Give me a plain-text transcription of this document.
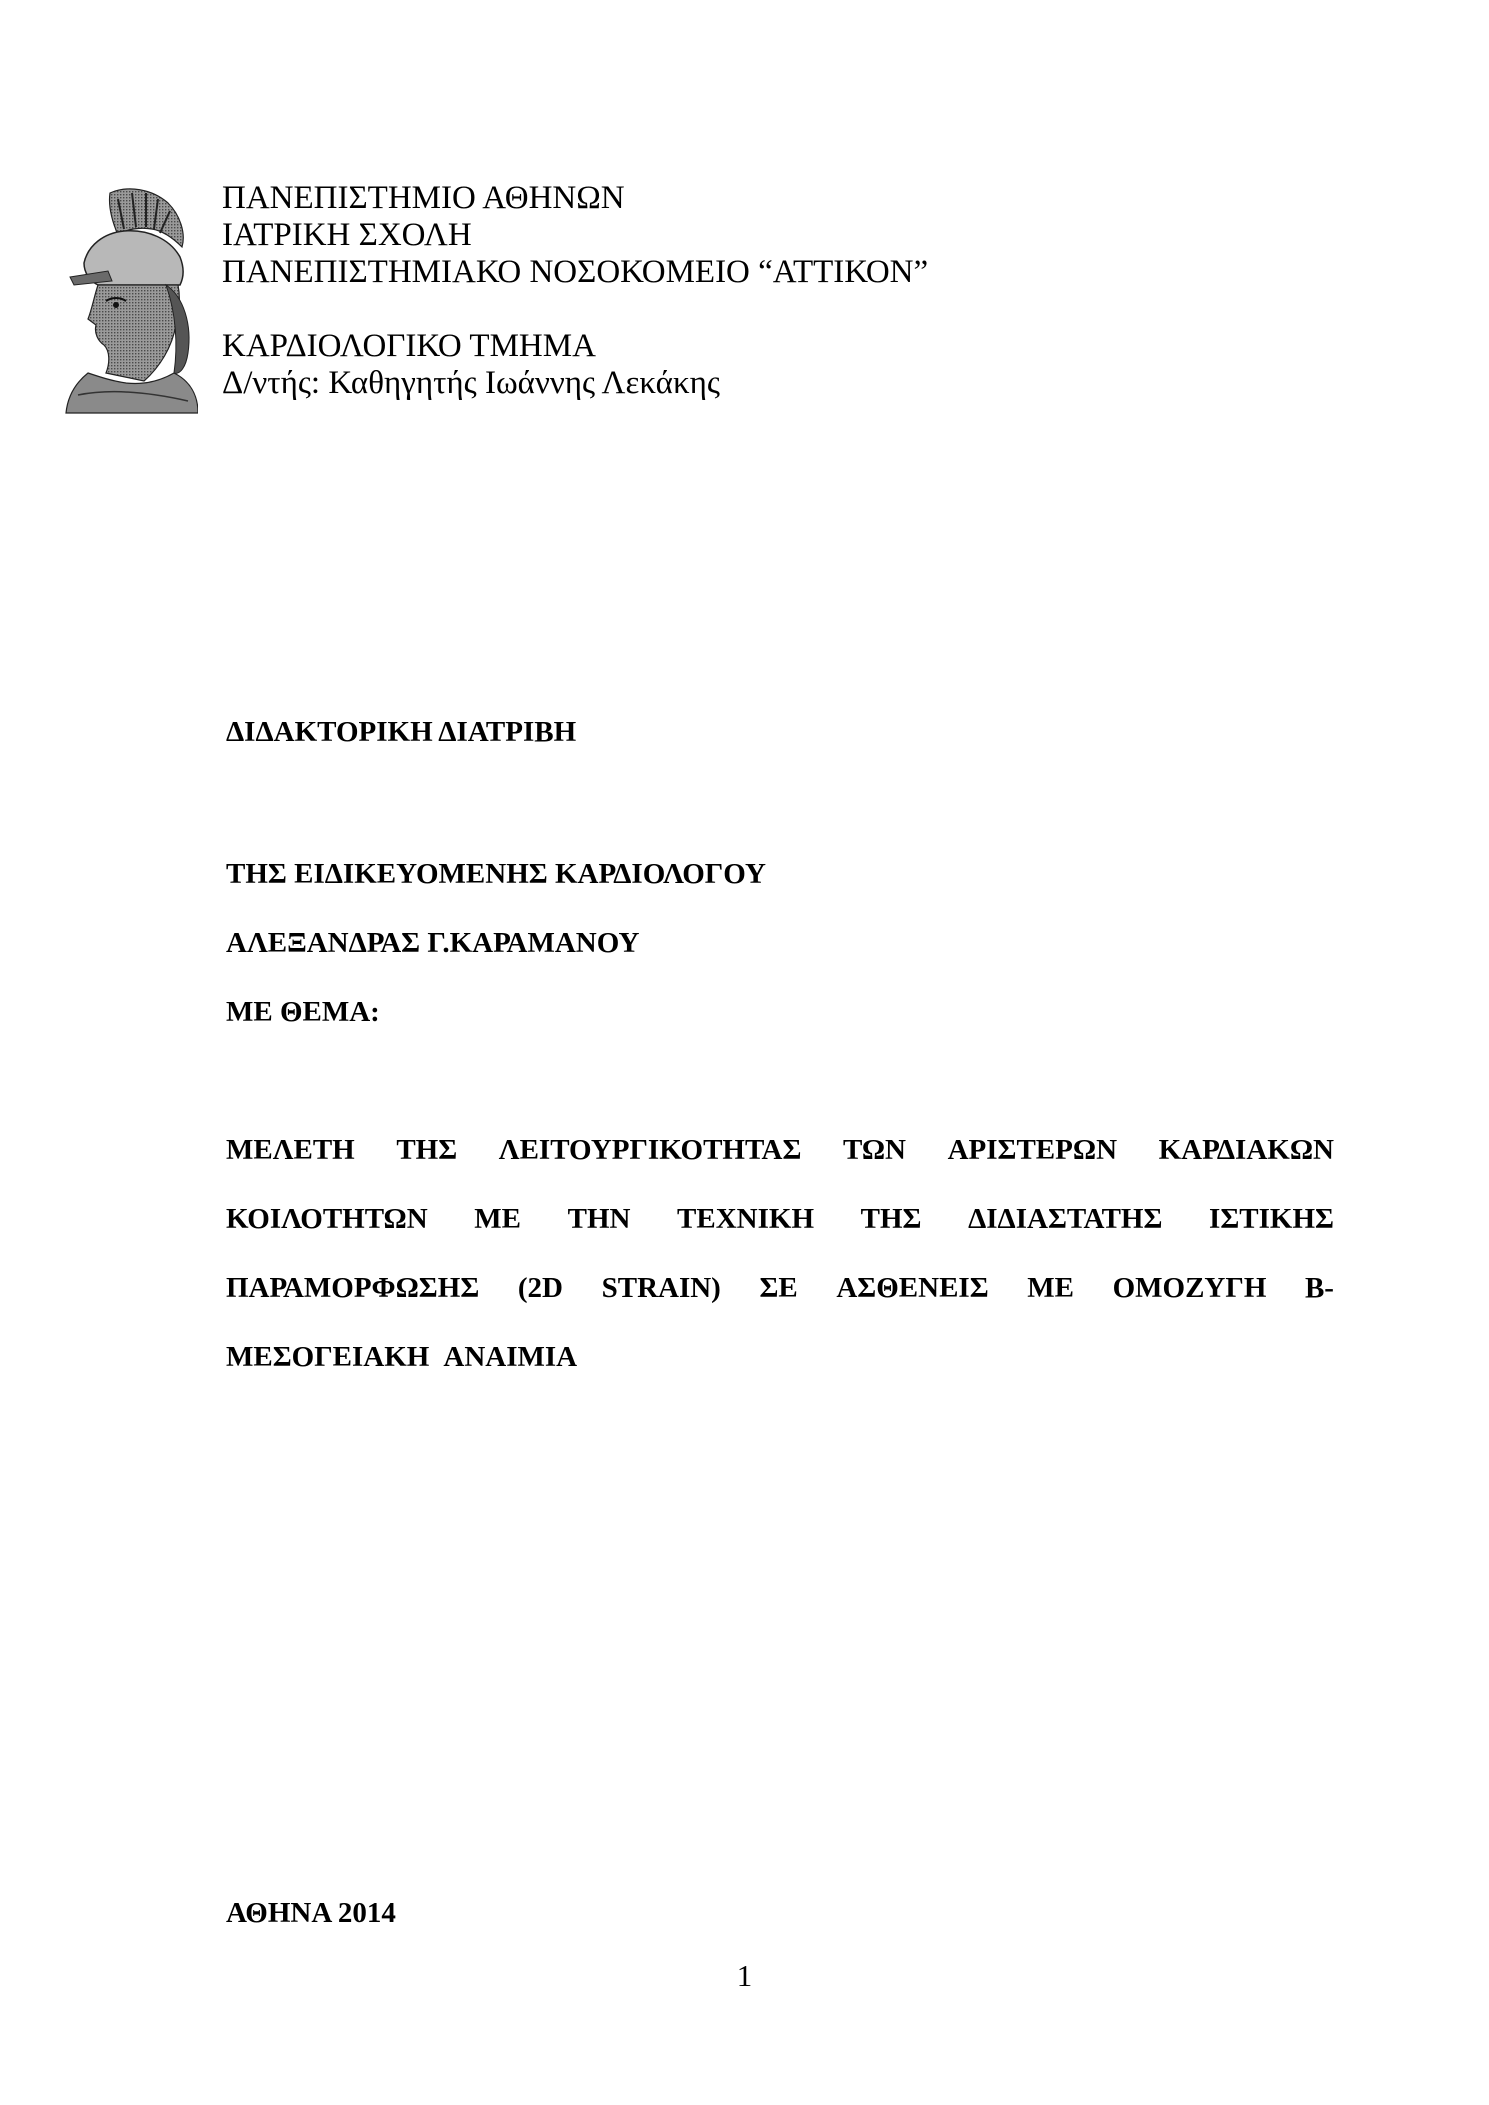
ΠΑΝΕΠΙΣΤΗΜΙΟ ΑΘΗΝΩΝ
ΙΑΤΡΙΚΗ ΣΧΟΛΗ
ΠΑΝΕΠΙΣΤΗΜΙΑΚΟ ΝΟΣΟΚΟΜΕΙΟ “ΑΤΤΙΚΟΝ”
ΚΑΡΔΙΟΛΟΓΙΚΟ ΤΜΗΜΑ
Δ/ντής: Καθηγητής Ιωάννης Λεκάκης
ΔΙΔΑΚΤΟΡΙΚΗ ΔΙΑΤΡΙΒΗ
ΤΗΣ ΕΙΔΙΚΕΥΟΜΕΝΗΣ ΚΑΡΔΙΟΛΟΓΟΥ
ΑΛΕΞΑΝΔΡΑΣ Γ.ΚΑΡΑΜΑΝΟΥ
ΜΕ ΘΕΜΑ:
ΜΕΛΕΤΗ ΤΗΣ ΛΕΙΤΟΥΡΓΙΚΟΤΗΤΑΣ ΤΩΝ ΑΡΙΣΤΕΡΩΝ ΚΑΡΔΙΑΚΩΝ
ΚΟΙΛΟΤΗΤΩΝ ΜΕ ΤΗΝ ΤΕΧΝΙΚΗ ΤΗΣ ΔΙΔΙΑΣΤΑΤΗΣ ΙΣΤΙΚΗΣ
ΠΑΡΑΜΟΡΦΩΣΗΣ (2D STRAIN) ΣΕ ΑΣΘΕΝΕΙΣ ΜΕ ΟΜΟΖΥΓΗ Β-
ΜΕΣΟΓΕΙΑΚΗ ΑΝΑΙΜΙΑ
ΑΘΗΝΑ 2014
1
